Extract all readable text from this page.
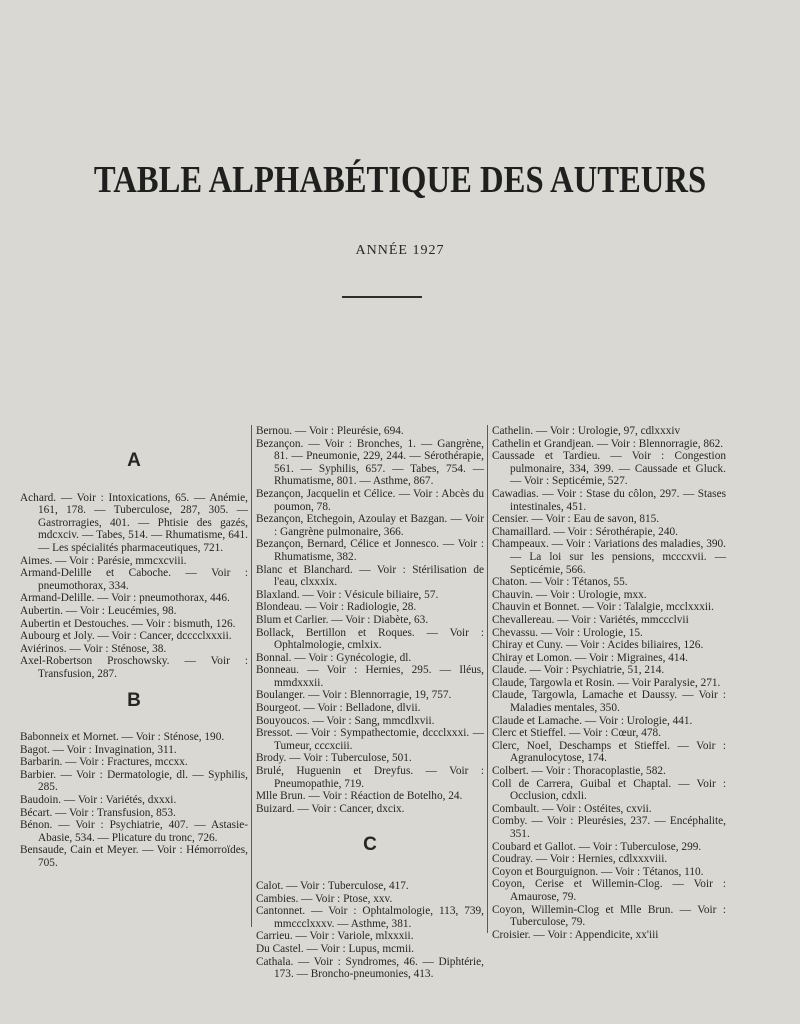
TABLE ALPHABÉTIQUE DES AUTEURS
ANNÉE 1927
A
Achard. — Voir : Intoxications, 65. — Anémie, 161, 178. — Tuberculose, 287, 305. — Gastrorragies, 401. — Phtisie des gazés, mdcxciv. — Tabes, 514. — Rhumatisme, 641. — Les spécialités pharmaceutiques, 721.
Aimes. — Voir : Parésie, mmcxcviii.
Armand-Delille et Caboche. — Voir : pneumothorax, 334.
Armand-Delille. — Voir : pneumothorax, 446.
Aubertin. — Voir : Leucémies, 98.
Aubertin et Destouches. — Voir : bismuth, 126.
Aubourg et Joly. — Voir : Cancer, dcccclxxxii.
Aviérinos. — Voir : Sténose, 38.
Axel-Robertson Proschowsky. — Voir : Transfusion, 287.
B
Babonneix et Mornet. — Voir : Sténose, 190.
Bagot. — Voir : Invagination, 311.
Barbarin. — Voir : Fractures, mccxx.
Barbier. — Voir : Dermatologie, dl. — Syphilis, 285.
Baudoin. — Voir : Variétés, dxxxi.
Bécart. — Voir : Transfusion, 853.
Bénon. — Voir : Psychiatrie, 407. — Astasie-Abasie, 534. — Plicature du tronc, 726.
Bensaude, Cain et Meyer. — Voir : Hémorroïdes, 705.
Bernou. — Voir : Pleurésie, 694.
Bezançon. — Voir : Bronches, 1. — Gangrène, 81. — Pneumonie, 229, 244. — Sérothérapie, 561. — Syphilis, 657. — Tabes, 754. — Rhumatisme, 801. — Asthme, 867.
Bezançon, Jacquelin et Célice. — Voir : Abcès du poumon, 78.
Bezançon, Etchegoin, Azoulay et Bazgan. — Voir : Gangrène pulmonaire, 366.
Bezançon, Bernard, Célice et Jonnesco. — Voir : Rhumatisme, 382.
Blanc et Blanchard. — Voir : Stérilisation de l'eau, clxxxix.
Blaxland. — Voir : Vésicule biliaire, 57.
Blondeau. — Voir : Radiologie, 28.
Blum et Carlier. — Voir : Diabète, 63.
Bollack, Bertillon et Roques. — Voir : Ophtalmologie, cmlxix.
Bonnal. — Voir : Gynécologie, dl.
Bonneau. — Voir : Hernies, 295. — Iléus, mmdxxxii.
Boulanger. — Voir : Blennorragie, 19, 757.
Bourgeot. — Voir : Belladone, dlvii.
Bouyoucos. — Voir : Sang, mmcdlxvii.
Bressot. — Voir : Sympathectomie, dccclxxxi. — Tumeur, cccxciii.
Brody. — Voir : Tuberculose, 501.
Brulé, Huguenin et Dreyfus. — Voir : Pneumopathie, 719.
Mlle Brun. — Voir : Réaction de Botelho, 24.
Buizard. — Voir : Cancer, dxcix.
C
Calot. — Voir : Tuberculose, 417.
Cambies. — Voir : Ptose, xxv.
Cantonnet. — Voir : Ophtalmologie, 113, 739, mmccclxxxv. — Asthme, 381.
Carrieu. — Voir : Variole, mlxxxii.
Du Castel. — Voir : Lupus, mcmii.
Cathala. — Voir : Syndromes, 46. — Diphtérie, 173. — Broncho-pneumonies, 413.
Cathelin. — Voir : Urologie, 97, cdlxxxiv
Cathelin et Grandjean. — Voir : Blennorragie, 862.
Caussade et Tardieu. — Voir : Congestion pulmonaire, 334, 399. — Caussade et Gluck. — Voir : Septicémie, 527.
Cawadias. — Voir : Stase du côlon, 297. — Stases intestinales, 451.
Censier. — Voir : Eau de savon, 815.
Chamaillard. — Voir : Sérothérapie, 240.
Champeaux. — Voir : Variations des maladies, 390. — La loi sur les pensions, mcccxvii. — Septicémie, 566.
Chaton. — Voir : Tétanos, 55.
Chauvin. — Voir : Urologie, mxx.
Chauvin et Bonnet. — Voir : Talalgie, mcclxxxii.
Chevallereau. — Voir : Variétés, mmccclvii
Chevassu. — Voir : Urologie, 15.
Chiray et Cuny. — Voir : Acides biliaires, 126.
Chiray et Lomon. — Voir : Migraines, 414.
Claude. — Voir : Psychiatrie, 51, 214.
Claude, Targowla et Rosin. — Voir Paralysie, 271.
Claude, Targowla, Lamache et Daussy. — Voir : Maladies mentales, 350.
Claude et Lamache. — Voir : Urologie, 441.
Clerc et Stieffel. — Voir : Cœur, 478.
Clerc, Noel, Deschamps et Stieffel. — Voir : Agranulocytose, 174.
Colbert. — Voir : Thoracoplastie, 582.
Coll de Carrera, Guibal et Chaptal. — Voir : Occlusion, cdxli.
Combault. — Voir : Ostéites, cxvii.
Comby. — Voir : Pleurésies, 237. — Encéphalite, 351.
Coubard et Gallot. — Voir : Tuberculose, 299.
Coudray. — Voir : Hernies, cdlxxxviii.
Coyon et Bourguignon. — Voir : Tétanos, 110.
Coyon, Cerise et Willemin-Clog. — Voir : Amaurose, 79.
Coyon, Willemin-Clog et Mlle Brun. — Voir : Tuberculose, 79.
Croisier. — Voir : Appendicite, xx'iii
